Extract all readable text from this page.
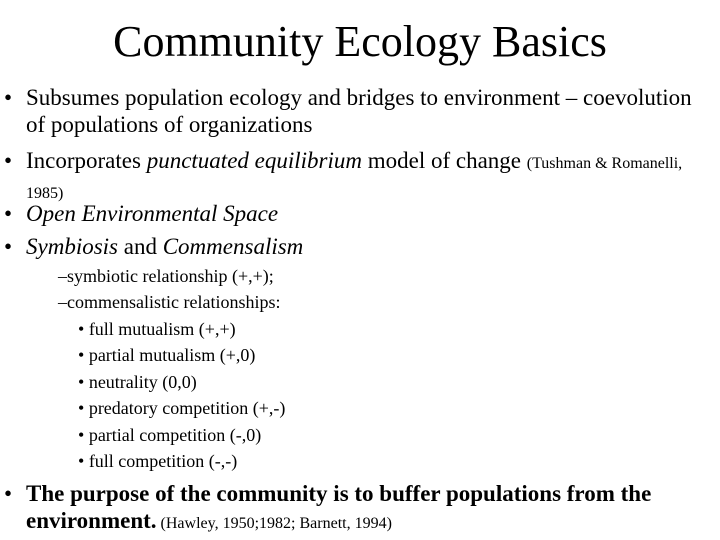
Community Ecology Basics
• Subsumes population ecology and bridges to environment – coevolution of populations of organizations
• Incorporates punctuated equilibrium model of change (Tushman & Romanelli, 1985)
• Open Environmental Space
• Symbiosis and Commensalism
–symbiotic relationship (+,+);
–commensalistic relationships:
• full mutualism (+,+)
• partial mutualism (+,0)
• neutrality (0,0)
• predatory competition (+,-)
• partial competition (-,0)
• full competition (-,-)
• The purpose of the community is to buffer populations from the environment. (Hawley, 1950;1982; Barnett, 1994)
